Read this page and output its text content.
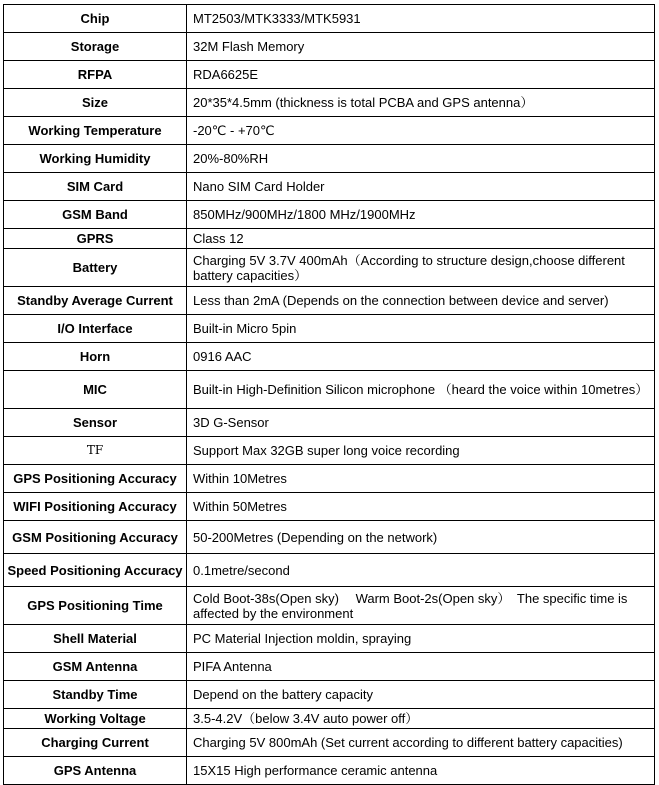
Chip	MT2503/MTK3333/MTK5931
Storage	32M Flash Memory
RFPA	RDA6625E
Size	20*35*4.5mm (thickness is total PCBA and GPS antenna）
Working Temperature	-20℃ - +70℃
Working Humidity	20%-80%RH
SIM Card	Nano SIM Card Holder
GSM Band	850MHz/900MHz/1800 MHz/1900MHz
GPRS	Class 12
Battery	Charging 5V 3.7V 400mAh（According to structure design,choose different battery capacities）
Standby Average Current	Less than 2mA (Depends on the connection between device and server)
I/O Interface	Built-in Micro 5pin
Horn	0916 AAC
MIC	Built-in High-Definition Silicon microphone （heard the voice within 10metres）
Sensor	3D G-Sensor
TF	Support Max 32GB super long voice recording
GPS Positioning Accuracy	Within 10Metres
WIFI Positioning Accuracy	Within 50Metres
GSM Positioning Accuracy	50-200Metres (Depending on the network)
Speed Positioning Accuracy	0.1metre/second
GPS Positioning Time	Cold Boot-38s(Open sky)　 Warm Boot-2s(Open sky）　The specific time is affected by the environment
Shell Material	PC Material Injection moldin, spraying
GSM Antenna	PIFA Antenna
Standby Time	Depend on the battery capacity
Working Voltage	3.5-4.2V（below 3.4V auto power off）
Charging Current	Charging 5V 800mAh (Set current according to different battery capacities)
GPS Antenna	15X15 High performance ceramic antenna
